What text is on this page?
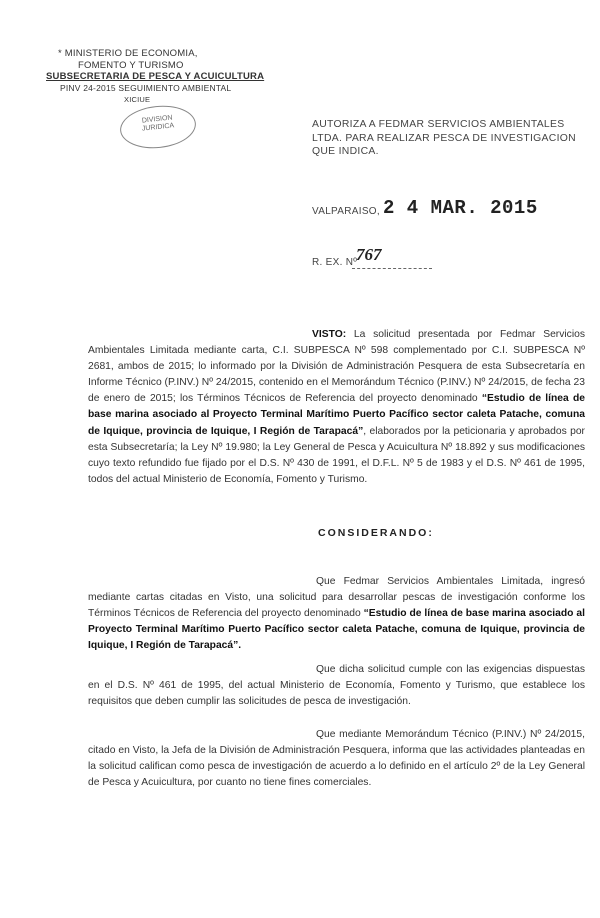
* MINISTERIO DE ECONOMIA,
FOMENTO Y TURISMO
SUBSECRETARIA DE PESCA Y ACUICULTURA
PINV 24-2015 SEGUIMIENTO AMBIENTAL
XICIUE
DIVISION
JURIDICA	AUTORIZA A FEDMAR SERVICIOS AMBIENTALES LTDA. PARA REALIZAR PESCA DE INVESTIGACION QUE INDICA.
VALPARAISO, 2 4 MAR. 2015
R. EX. Nº
767
VISTO: La solicitud presentada por Fedmar Servicios Ambientales Limitada mediante carta, C.I. SUBPESCA Nº 598 complementado por C.I. SUBPESCA Nº 2681, ambos de 2015; lo informado por la División de Administración Pesquera de esta Subsecretaría en Informe Técnico (P.INV.) Nº 24/2015, contenido en el Memorándum Técnico (P.INV.) Nº 24/2015, de fecha 23 de enero de 2015; los Términos Técnicos de Referencia del proyecto denominado “Estudio de línea de base marina asociado al Proyecto Terminal Marítimo Puerto Pacífico sector caleta Patache, comuna de Iquique, provincia de Iquique, I Región de Tarapacá”, elaborados por la peticionaria y aprobados por esta Subsecretaría; la Ley Nº 19.980; la Ley General de Pesca y Acuicultura Nº 18.892 y sus modificaciones cuyo texto refundido fue fijado por el D.S. Nº 430 de 1991, el D.F.L. Nº 5 de 1983 y el D.S. Nº 461 de 1995, todos del actual Ministerio de Economía, Fomento y Turismo.
CONSIDERANDO:
Que Fedmar Servicios Ambientales Limitada, ingresó mediante cartas citadas en Visto, una solicitud para desarrollar pescas de investigación conforme los Términos Técnicos de Referencia del proyecto denominado “Estudio de línea de base marina asociado al Proyecto Terminal Marítimo Puerto Pacífico sector caleta Patache, comuna de Iquique, provincia de Iquique, I Región de Tarapacá”.
Que dicha solicitud cumple con las exigencias dispuestas en el D.S. Nº 461 de 1995, del actual Ministerio de Economía, Fomento y Turismo, que establece los requisitos que deben cumplir las solicitudes de pesca de investigación.
Que mediante Memorándum Técnico (P.INV.) Nº 24/2015, citado en Visto, la Jefa de la División de Administración Pesquera, informa que las actividades planteadas en la solicitud califican como pesca de investigación de acuerdo a lo definido en el artículo 2º de la Ley General de Pesca y Acuicultura, por cuanto no tiene fines comerciales.
